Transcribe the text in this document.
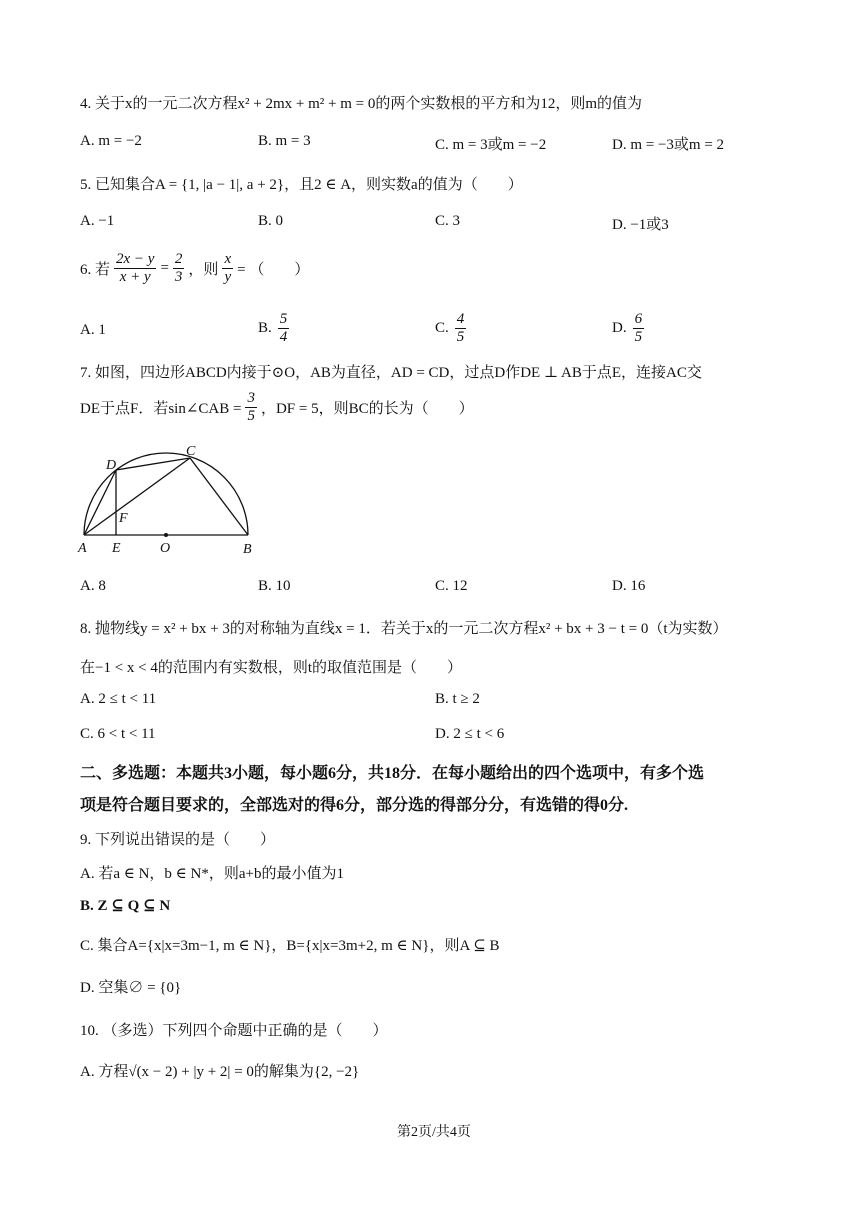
4. 关于x的一元二次方程x² + 2mx + m² + m = 0的两个实数根的平方和为12，则m的值为
A. m = −2	B. m = 3	C. m = 3或m = −2	D. m = −3或m = 2
5. 已知集合A = {1, |a − 1|, a + 2}，且2 ∈ A，则实数a的值为（　　）
A. −1	B. 0	C. 3	D. −1或3
6. 若 $\frac{2x - y}{x + y} = \frac{2}{3}$ ，则 $\frac{x}{y}$ = （　　）
A. 1	B. $\frac{5}{4}$	C. $\frac{4}{5}$	D. $\frac{6}{5}$
7. 如图，四边形ABCD内接于⊙O，AB为直径，AD = CD，过点D作DE ⊥ AB于点E，连接AC交
DE于点F．若sin∠CAB = $\frac{3}{5}$ ，DF = 5，则BC的长为（　　）
A E	O	B
D
C
F
A. 8	B. 10	C. 12	D. 16
8. 抛物线y = x² + bx + 3的对称轴为直线x = 1．若关于x的一元二次方程x² + bx + 3 − t = 0（t为实数）
在−1 < x < 4的范围内有实数根，则t的取值范围是（　　）
A. 2 ≤ t < 11	B. t ≥ 2
C. 6 < t < 11	D. 2 ≤ t < 6
二、多选题：本题共3小题，每小题6分，共18分．在每小题给出的四个选项中，有多个选
项是符合题目要求的，全部选对的得6分，部分选的得部分分，有选错的得0分.
9. 下列说出错误的是（　　）
A. 若a ∈ N，b ∈ N*，则a+b的最小值为1
B. Z ⊆ Q ⊆ N
C. 集合A={x|x=3m−1, m ∈ N}，B={x|x=3m+2, m ∈ N}，则A ⊆ B
D. 空集∅ = {0}
10. （多选）下列四个命题中正确的是（　　）
A. 方程√(x − 2) + |y + 2| = 0的解集为{2, −2}
第2页/共4页
